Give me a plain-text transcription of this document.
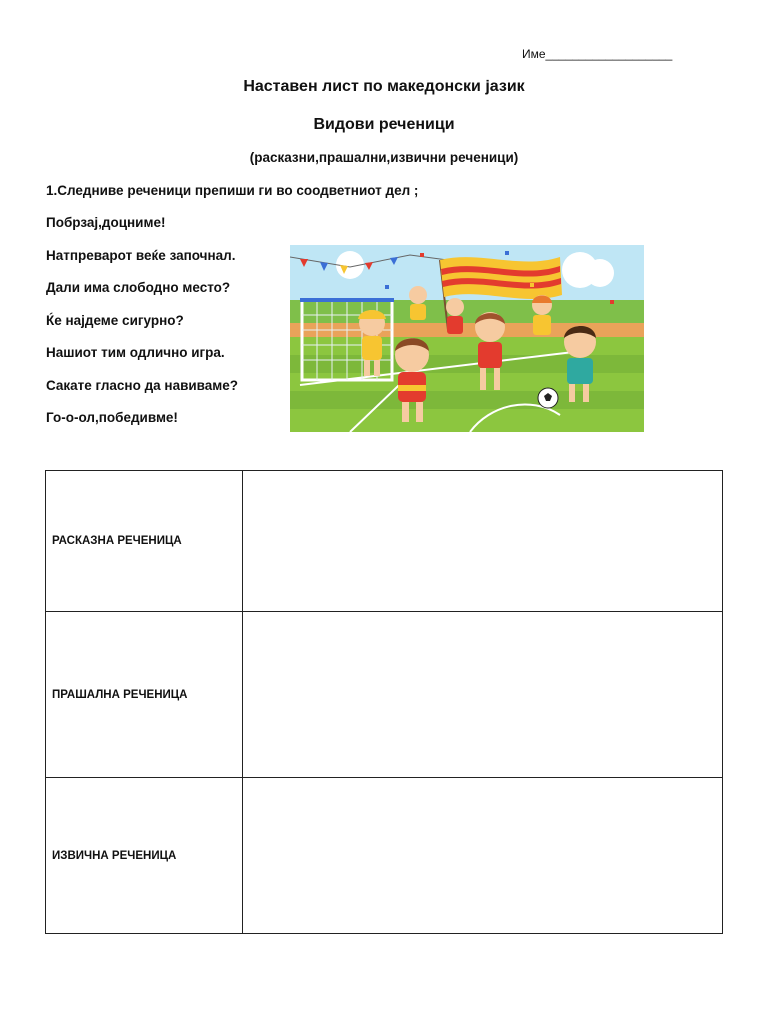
Име___________________
Наставен лист по македонски јазик
Видови реченици
(расказни,прашални,извични реченици)
1.Следниве реченици препиши ги во соодветниот дел ;
Побрзај,доцниме!
Натпреварот веќе започнал.
Дали има слободно место?
Ќе најдеме сигурно?
Нашиот тим одлично игра.
Сакате гласно да навиваме?
Го-о-ол,победивме!
РАСКАЗНА РЕЧЕНИЦА	
ПРАШАЛНА РЕЧЕНИЦА	
ИЗВИЧНА РЕЧЕНИЦА	
